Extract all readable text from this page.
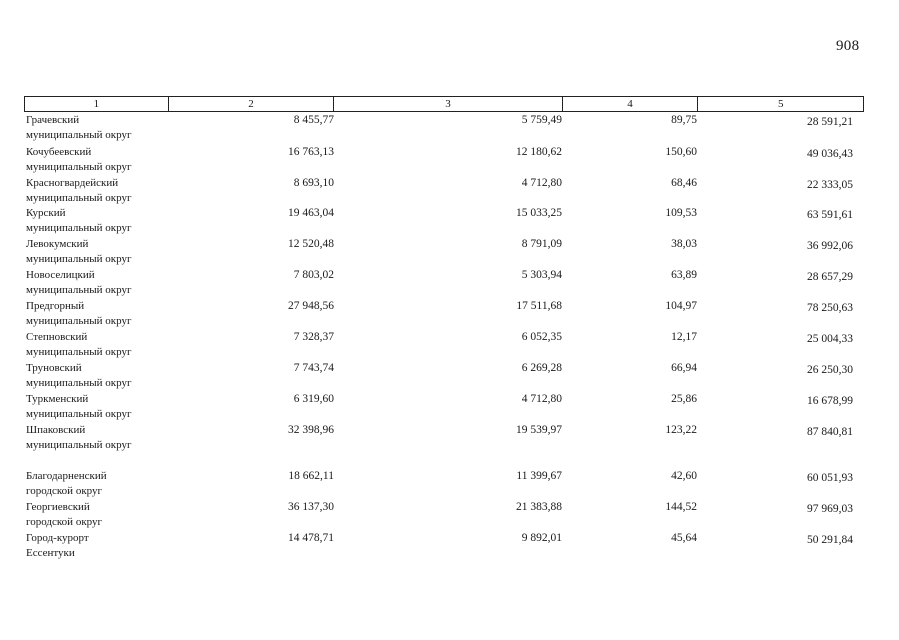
908
1	2	3	4	5
Грачевский
муниципальный округ
8 455,77	5 759,49	89,75	28 591,21
Кочубеевский
муниципальный округ
16 763,13	12 180,62	150,60	49 036,43
Красногвардейский
муниципальный округ
8 693,10	4 712,80	68,46	22 333,05
Курский
муниципальный округ
19 463,04	15 033,25	109,53	63 591,61
Левокумский
муниципальный округ
12 520,48	8 791,09	38,03	36 992,06
Новоселицкий
муниципальный округ
7 803,02	5 303,94	63,89	28 657,29
Предгорный
муниципальный округ
27 948,56	17 511,68	104,97	78 250,63
Степновский
муниципальный округ
7 328,37	6 052,35	12,17	25 004,33
Труновский
муниципальный округ
7 743,74	6 269,28	66,94	26 250,30
Туркменский
муниципальный округ
6 319,60	4 712,80	25,86	16 678,99
Шпаковский
муниципальный округ
32 398,96	19 539,97	123,22	87 840,81
Благодарненский
городской округ
18 662,11	11 399,67	42,60	60 051,93
Георгиевский
городской округ
36 137,30	21 383,88	144,52	97 969,03
Город-курорт
Ессентуки
14 478,71	9 892,01	45,64	50 291,84
